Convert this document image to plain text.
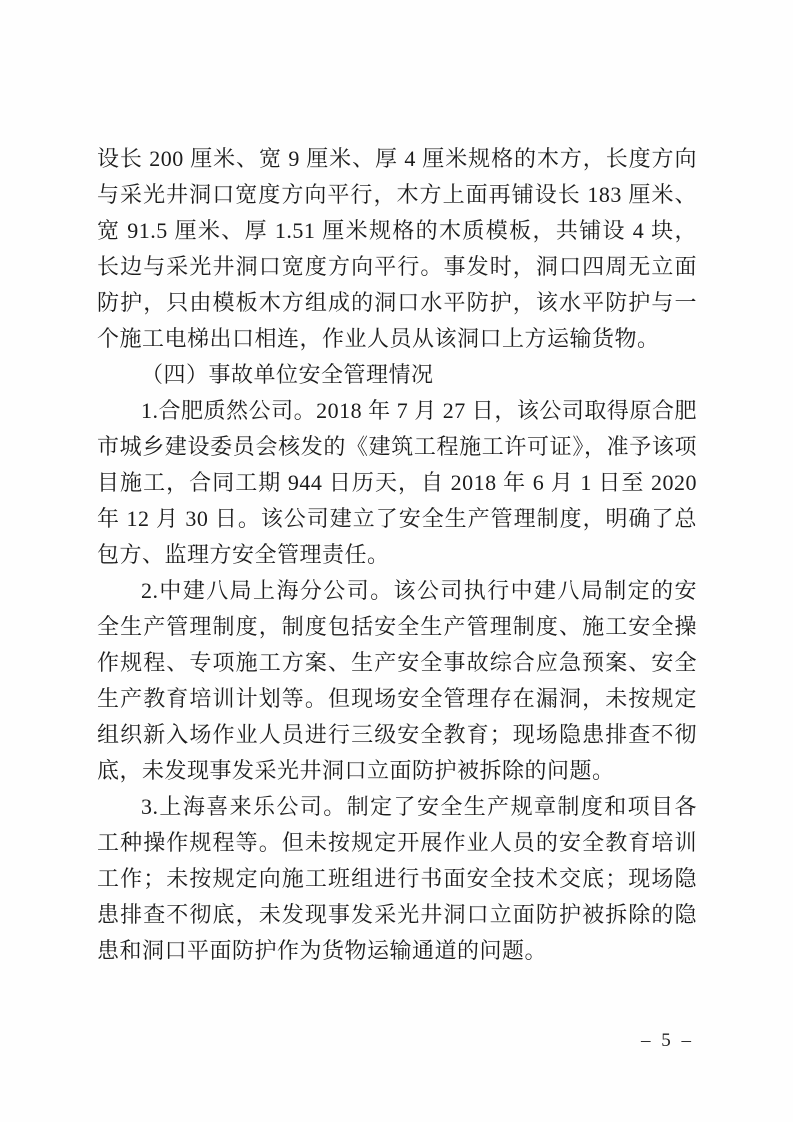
设长 200 厘米、宽 9 厘米、厚 4 厘米规格的木方，长度方向与采光井洞口宽度方向平行，木方上面再铺设长 183 厘米、宽 91.5 厘米、厚 1.51 厘米规格的木质模板，共铺设 4 块，长边与采光井洞口宽度方向平行。事发时，洞口四周无立面防护，只由模板木方组成的洞口水平防护，该水平防护与一个施工电梯出口相连，作业人员从该洞口上方运输货物。

（四）事故单位安全管理情况

1.合肥质然公司。2018 年 7 月 27 日，该公司取得原合肥市城乡建设委员会核发的《建筑工程施工许可证》，准予该项目施工，合同工期 944 日历天，自 2018 年 6 月 1 日至 2020 年 12 月 30 日。该公司建立了安全生产管理制度，明确了总包方、监理方安全管理责任。

2.中建八局上海分公司。该公司执行中建八局制定的安全生产管理制度，制度包括安全生产管理制度、施工安全操作规程、专项施工方案、生产安全事故综合应急预案、安全生产教育培训计划等。但现场安全管理存在漏洞，未按规定组织新入场作业人员进行三级安全教育；现场隐患排查不彻底，未发现事发采光井洞口立面防护被拆除的问题。

3.上海喜来乐公司。制定了安全生产规章制度和项目各工种操作规程等。但未按规定开展作业人员的安全教育培训工作；未按规定向施工班组进行书面安全技术交底；现场隐患排查不彻底，未发现事发采光井洞口立面防护被拆除的隐患和洞口平面防护作为货物运输通道的问题。

– 5 –
